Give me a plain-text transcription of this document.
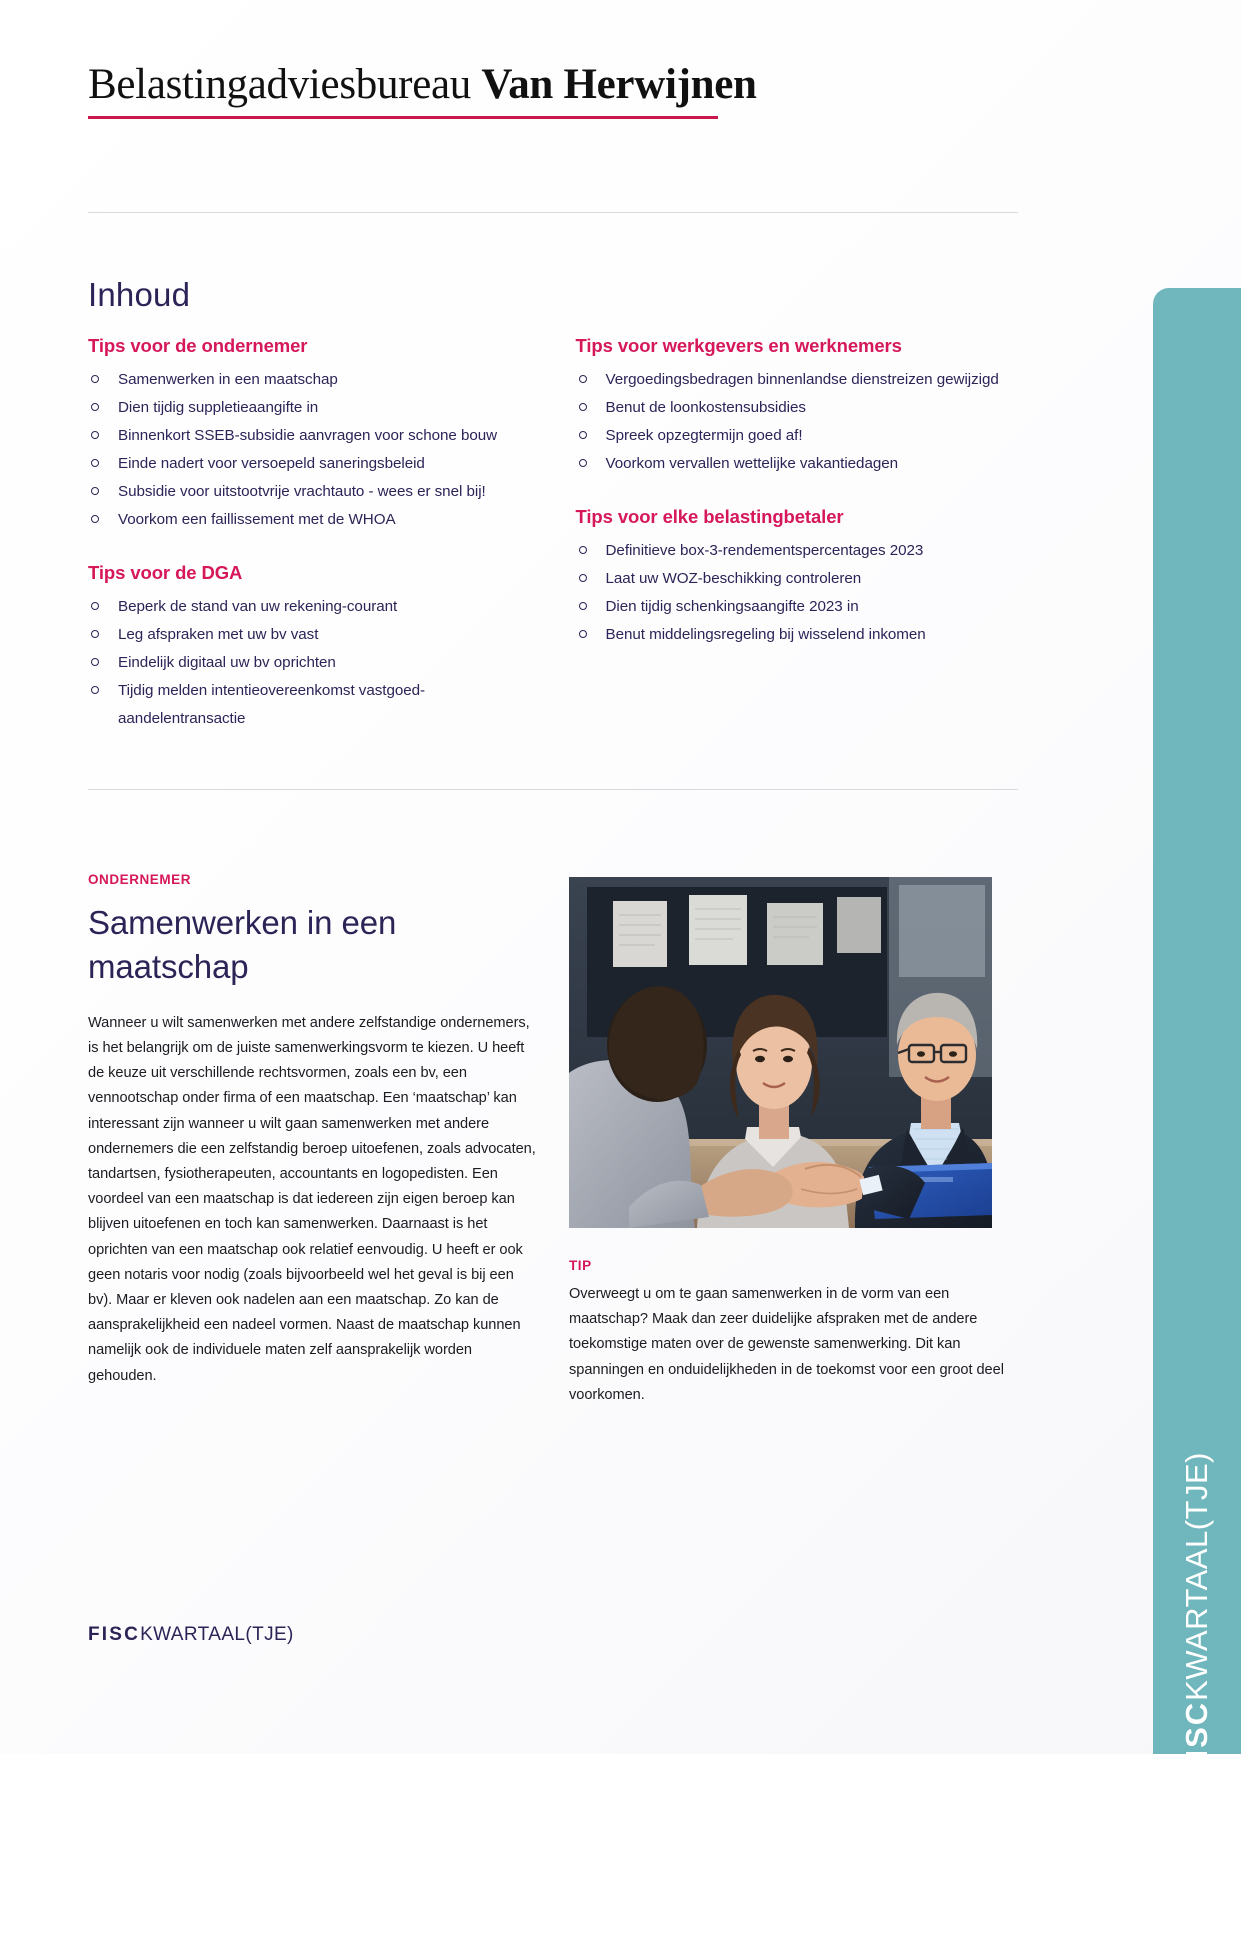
Belastingadviesbureau Van Herwijnen
Inhoud
Tips voor de ondernemer
Samenwerken in een maatschap
Dien tijdig suppletieaangifte in
Binnenkort SSEB-subsidie aanvragen voor schone bouw
Einde nadert voor versoepeld saneringsbeleid
Subsidie voor uitstootvrije vrachtauto - wees er snel bij!
Voorkom een faillissement met de WHOA
Tips voor de DGA
Beperk de stand van uw rekening-courant
Leg afspraken met uw bv vast
Eindelijk digitaal uw bv oprichten
Tijdig melden intentieovereenkomst vastgoed-aandelentransactie
Tips voor werkgevers en werknemers
Vergoedingsbedragen binnenlandse dienstreizen gewijzigd
Benut de loonkostensubsidies
Spreek opzegtermijn goed af!
Voorkom vervallen wettelijke vakantiedagen
Tips voor elke belastingbetaler
Definitieve box-3-rendementspercentages 2023
Laat uw WOZ-beschikking controleren
Dien tijdig schenkingsaangifte 2023 in
Benut middelingsregeling bij wisselend inkomen
ONDERNEMER
Samenwerken in een maatschap

Wanneer u wilt samenwerken met andere zelfstandige ondernemers, is het belangrijk om de juiste samenwerkingsvorm te kiezen. U heeft de keuze uit verschillende rechtsvormen, zoals een bv, een vennootschap onder firma of een maatschap. Een ‘maatschap’ kan interessant zijn wanneer u wilt gaan samenwerken met andere ondernemers die een zelfstandig beroep uitoefenen, zoals advocaten, tandartsen, fysiotherapeuten, accountants en logopedisten. Een voordeel van een maatschap is dat iedereen zijn eigen beroep kan blijven uitoefenen en toch kan samenwerken. Daarnaast is het oprichten van een maatschap ook relatief eenvoudig. U heeft er ook geen notaris voor nodig (zoals bijvoorbeeld wel het geval is bij een bv). Maar er kleven ook nadelen aan een maatschap. Zo kan de aansprakelijkheid een nadeel vormen. Naast de maatschap kunnen namelijk ook de individuele maten zelf aansprakelijk worden gehouden.

TIP
Overweegt u om te gaan samenwerken in de vorm van een maatschap? Maak dan zeer duidelijke afspraken met de andere toekomstige maten over de gewenste samenwerking. Dit kan spanningen en onduidelijkheden in de toekomst voor een groot deel voorkomen.
Nr. 1 Februari 2024
FISCKWARTAAL(TJE)
FISCKWARTAAL(TJE)
